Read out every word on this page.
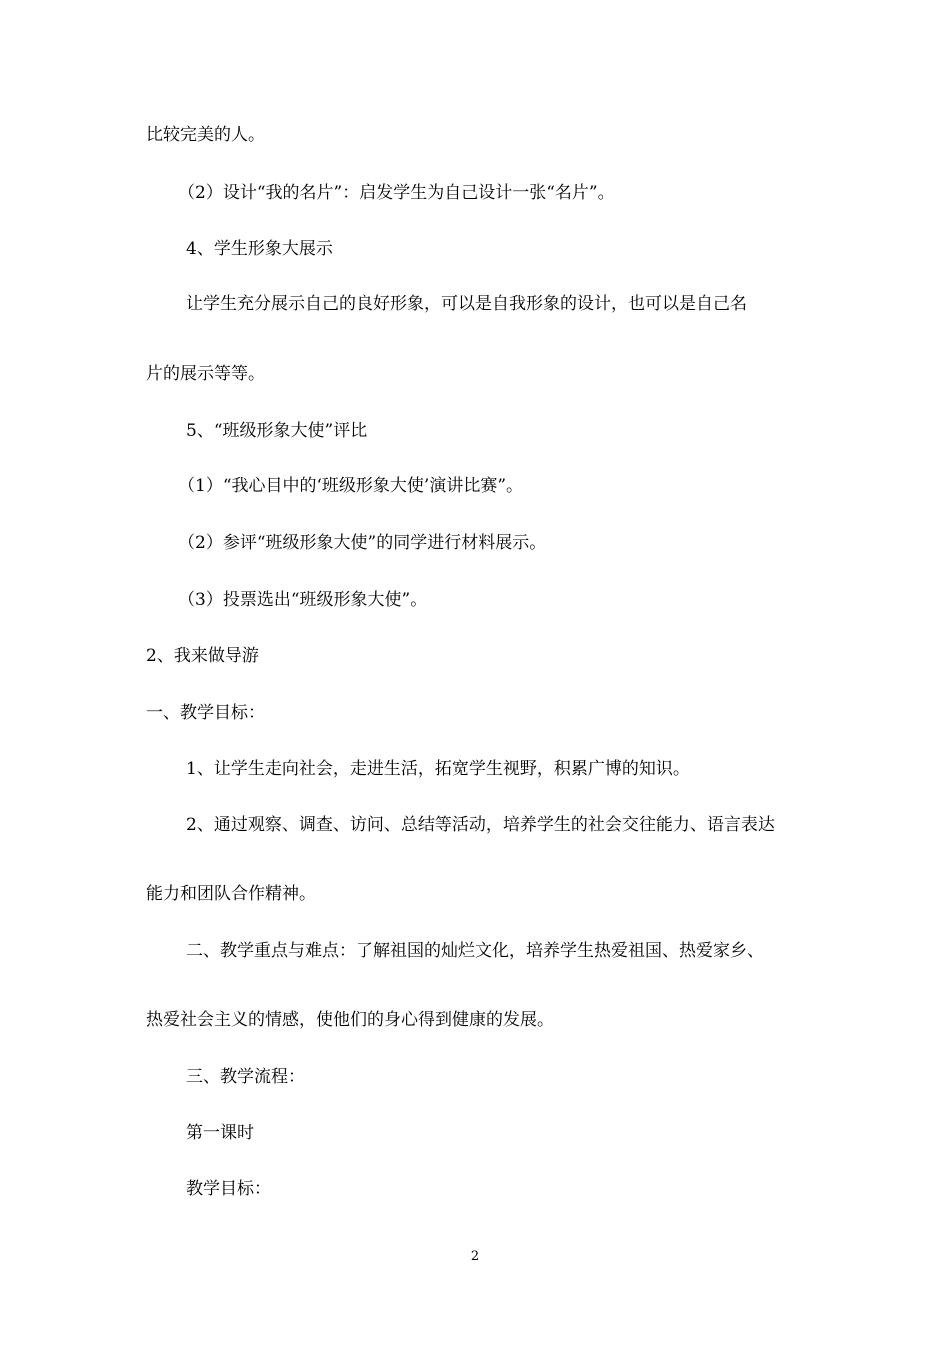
比较完美的人。
（2）设计“我的名片”：启发学生为自己设计一张“名片”。
4、学生形象大展示
让学生充分展示自己的良好形象，可以是自我形象的设计，也可以是自己名
片的展示等等。
5、“班级形象大使”评比
（1）“我心目中的‘班级形象大使’演讲比赛”。
（2）参评“班级形象大使”的同学进行材料展示。
（3）投票选出“班级形象大使”。
2、我来做导游
一、教学目标：
1、让学生走向社会，走进生活，拓宽学生视野，积累广博的知识。
2、通过观察、调查、访问、总结等活动，培养学生的社会交往能力、语言表达
能力和团队合作精神。
二、教学重点与难点：了解祖国的灿烂文化，培养学生热爱祖国、热爱家乡、
热爱社会主义的情感，使他们的身心得到健康的发展。
三、教学流程：
第一课时
教学目标：
2
